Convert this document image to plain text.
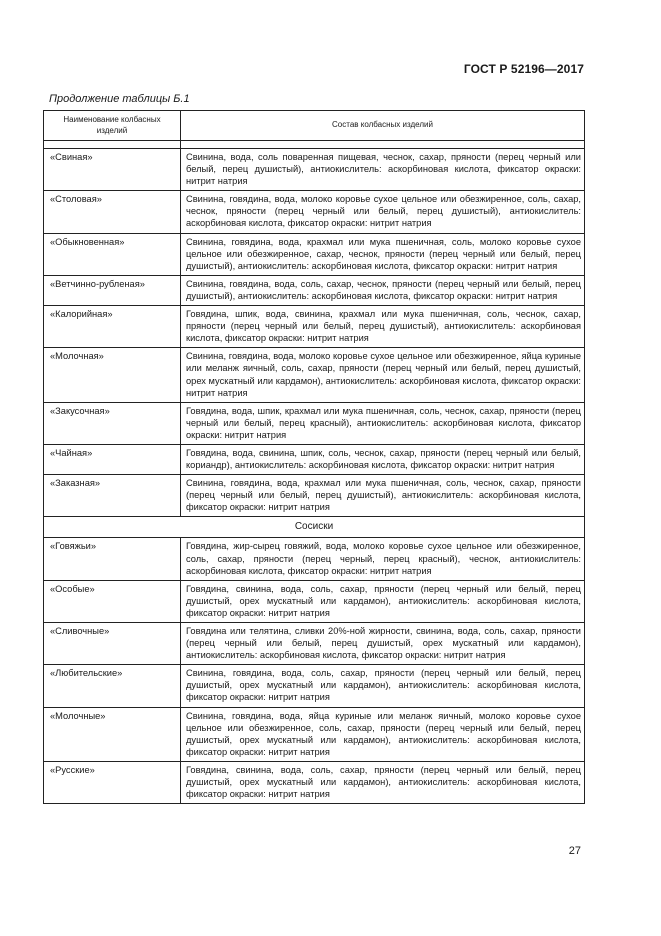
ГОСТ Р 52196—2017
Продолжение таблицы Б.1
Наименование колбасных изделий	Состав колбасных изделий

«Свиная»	Свинина, вода, соль поваренная пищевая, чеснок, сахар, пряности (перец черный или белый, перец душистый), антиокислитель: аскорбиновая кислота, фиксатор окраски: нитрит натрия
«Столовая»	Свинина, говядина, вода, молоко коровье сухое цельное или обезжиренное, соль, сахар, чеснок, пряности (перец черный или белый, перец душистый), антиокислитель: аскорбиновая кислота, фиксатор окраски: нитрит натрия
«Обыкновенная»	Свинина, говядина, вода, крахмал или мука пшеничная, соль, молоко коровье сухое цельное или обезжиренное, сахар, чеснок, пряности (перец черный или белый, перец душистый), антиокислитель: аскорбиновая кислота, фиксатор окраски: нитрит натрия
«Ветчинно-рубленая»	Свинина, говядина, вода, соль, сахар, чеснок, пряности (перец черный или белый, перец душистый), антиокислитель: аскорбиновая кислота, фиксатор окраски: нитрит натрия
«Калорийная»	Говядина, шпик, вода, свинина, крахмал или мука пшеничная, соль, чеснок, сахар, пряности (перец черный или белый, перец душистый), антиокислитель: аскорбиновая кислота, фиксатор окраски: нитрит натрия
«Молочная»	Свинина, говядина, вода, молоко коровье сухое цельное или обезжиренное, яйца куриные или меланж яичный, соль, сахар, пряности (перец черный или белый, перец душистый, орех мускатный или кардамон), антиокислитель: аскорбиновая кислота, фиксатор окраски: нитрит натрия
«Закусочная»	Говядина, вода, шпик, крахмал или мука пшеничная, соль, чеснок, сахар, пряности (перец черный или белый, перец красный), антиокислитель: аскорбиновая кислота, фиксатор окраски: нитрит натрия
«Чайная»	Говядина, вода, свинина, шпик, соль, чеснок, сахар, пряности (перец черный или белый, кориандр), антиокислитель: аскорбиновая кислота, фиксатор окраски: нитрит натрия
«Заказная»	Свинина, говядина, вода, крахмал или мука пшеничная, соль, чеснок, сахар, пряности (перец черный или белый, перец душистый), антиокислитель: аскорбиновая кислота, фиксатор окраски: нитрит натрия
Сосиски	
«Говяжьи»	Говядина, жир-сырец говяжий, вода, молоко коровье сухое цельное или обезжиренное, соль, сахар, пряности (перец черный, перец красный), чеснок, антиокислитель: аскорбиновая кислота, фиксатор окраски: нитрит натрия
«Особые»	Говядина, свинина, вода, соль, сахар, пряности (перец черный или белый, перец душистый, орех мускатный или кардамон), антиокислитель: аскорбиновая кислота, фиксатор окраски: нитрит натрия
«Сливочные»	Говядина или телятина, сливки 20%-ной жирности, свинина, вода, соль, сахар, пряности (перец черный или белый, перец душистый, орех мускатный или кардамон), антиокислитель: аскорбиновая кислота, фиксатор окраски: нитрит натрия
«Любительские»	Свинина, говядина, вода, соль, сахар, пряности (перец черный или белый, перец душистый, орех мускатный или кардамон), антиокислитель: аскорбиновая кислота, фиксатор окраски: нитрит натрия
«Молочные»	Свинина, говядина, вода, яйца куриные или меланж яичный, молоко коровье сухое цельное или обезжиренное, соль, сахар, пряности (перец черный или белый, перец душистый, орех мускатный или кардамон), антиокислитель: аскорбиновая кислота, фиксатор окраски: нитрит натрия
«Русские»	Говядина, свинина, вода, соль, сахар, пряности (перец черный или белый, перец душистый, орех мускатный или кардамон), антиокислитель: аскорбиновая кислота, фиксатор окраски: нитрит натрия
27
